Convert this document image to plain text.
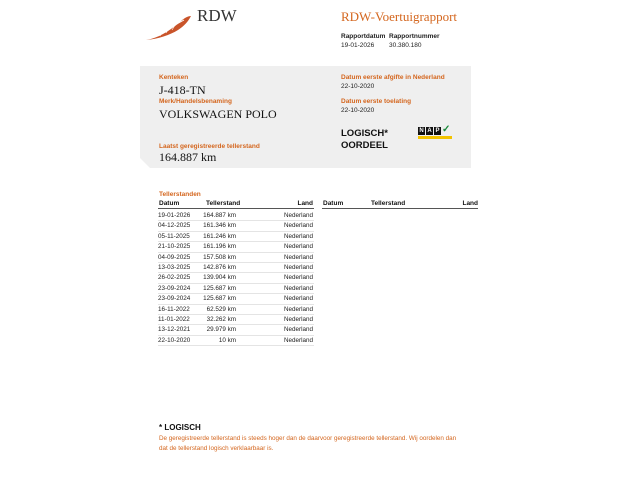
RDW	RDW-Voertuigrapport
Rapportdatum
19-01-2026
Rapportnummer
30.380.180
Kenteken
J-418-TN
Merk/Handelsbenaming
VOLKSWAGEN POLO
Laatst geregistreerde tellerstand
164.887 km
Datum eerste afgifte in Nederland
22-10-2020
Datum eerste toelating
22-10-2020
LOGISCH*
OORDEEL
N A P ✓
Tellerstanden
Datum	Tellerstand	Land Datum	Tellerstand	Land
19-01-2026	164.887 km	Nederland
04-12-2025	161.346 km	Nederland
05-11-2025	161.246 km	Nederland
21-10-2025	161.196 km	Nederland
04-09-2025	157.508 km	Nederland
13-03-2025	142.876 km	Nederland
26-02-2025	139.904 km	Nederland
23-09-2024	125.687 km	Nederland
23-09-2024	125.687 km	Nederland
16-11-2022	62.529 km	Nederland
11-01-2022	32.262 km	Nederland
13-12-2021	29.979 km	Nederland
22-10-2020	10 km	Nederland
* LOGISCH
De geregistreerde tellerstand is steeds hoger dan de daarvoor geregistreerde tellerstand. Wij oordelen dan dat de tellerstand logisch verklaarbaar is.
